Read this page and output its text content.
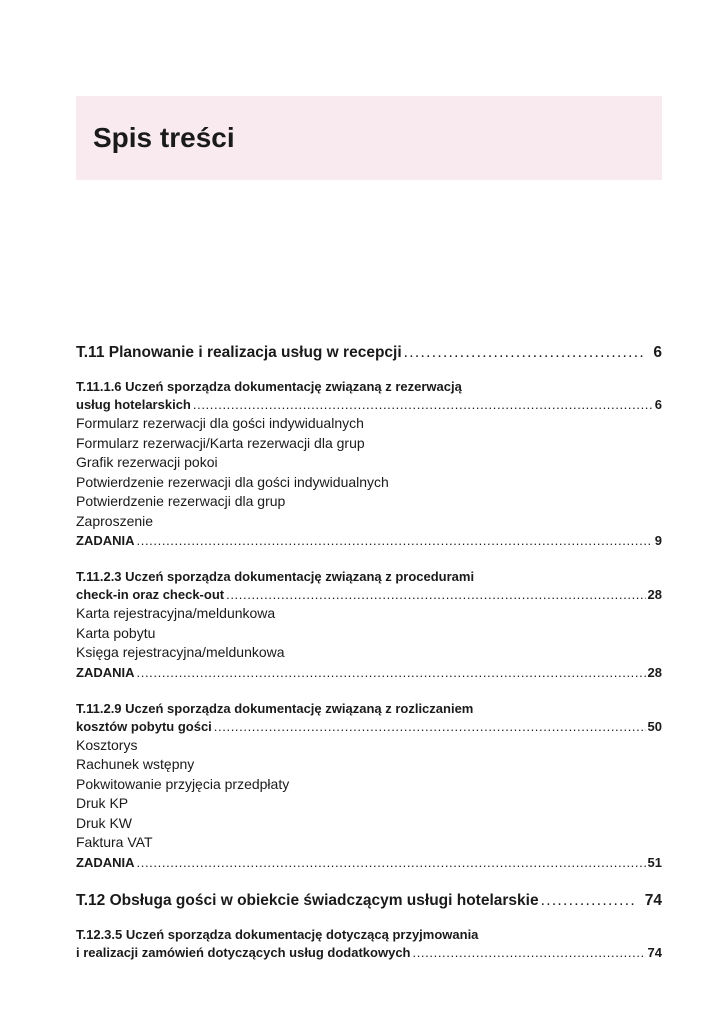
Spis treści
T.11 Planowanie i realizacja usług w recepcji . . .	6
T.11.1.6 Uczeń sporządza dokumentację związaną z rezerwacją
usług hotelarskich . . .	6
Formularz rezerwacji dla gości indywidualnych
Formularz rezerwacji/Karta rezerwacji dla grup
Grafik rezerwacji pokoi
Potwierdzenie rezerwacji dla gości indywidualnych
Potwierdzenie rezerwacji dla grup
Zaproszenie
ZADANIA . . .	9
T.11.2.3 Uczeń sporządza dokumentację związaną z procedurami
check-in oraz check-out . . .	28
Karta rejestracyjna/meldunkowa
Karta pobytu
Księga rejestracyjna/meldunkowa
ZADANIA . . .	28
T.11.2.9 Uczeń sporządza dokumentację związaną z rozliczaniem
kosztów pobytu gości . . .	50
Kosztorys
Rachunek wstępny
Pokwitowanie przyjęcia przedpłaty
Druk KP
Druk KW
Faktura VAT
ZADANIA . . .	51
T.12 Obsługa gości w obiekcie świadczącym usługi hotelarskie . . .	74
T.12.3.5 Uczeń sporządza dokumentację dotyczącą przyjmowania
i realizacji zamówień dotyczących usług dodatkowych . . .	74
